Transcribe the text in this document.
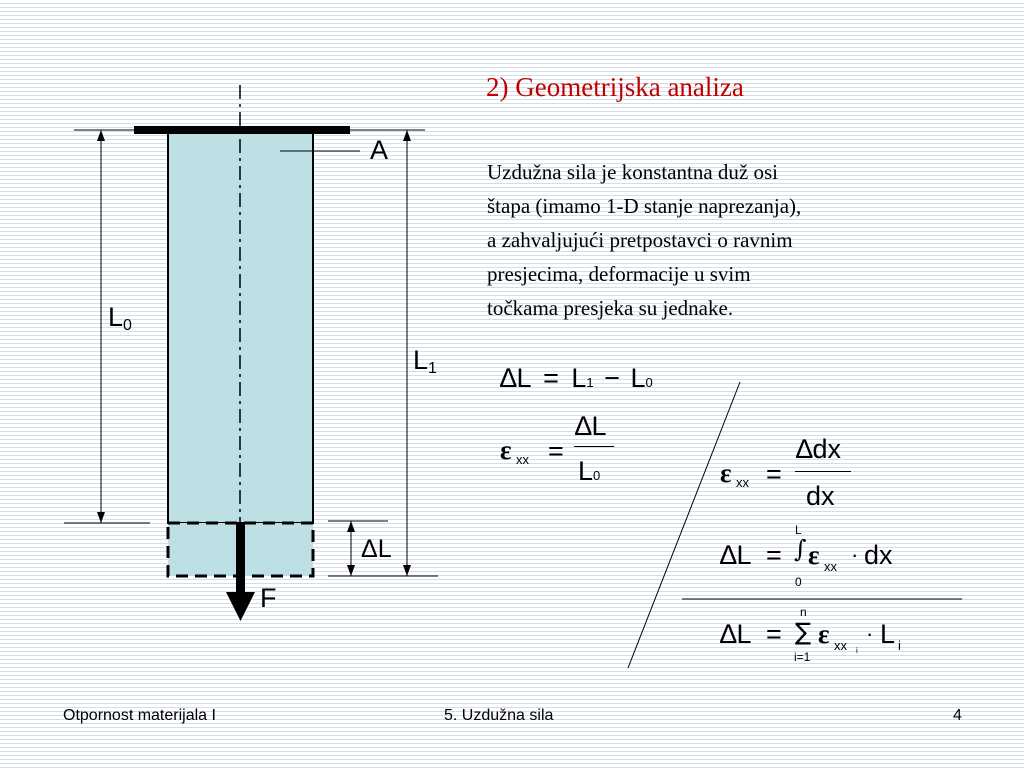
2) Geometrijska analiza
Uzdužna sila je konstantna duž osi
štapa (imamo 1-D stanje naprezanja),
a zahvaljujući pretpostavci o ravnim
presjecima, deformacije u svim
točkama presjeka su jednake.
A
$L_0$
$L_1$
ΔL
F
∆L = L1 − L0
ε xx =
∆L
L0	ε xx =
∆dx
dx
∆L =
L
∫
0
ε xx · dx
∆L =
n
∑
i=1
ε xx i
· L i
Otpornost materijala I	5. Uzdužna sila	4
